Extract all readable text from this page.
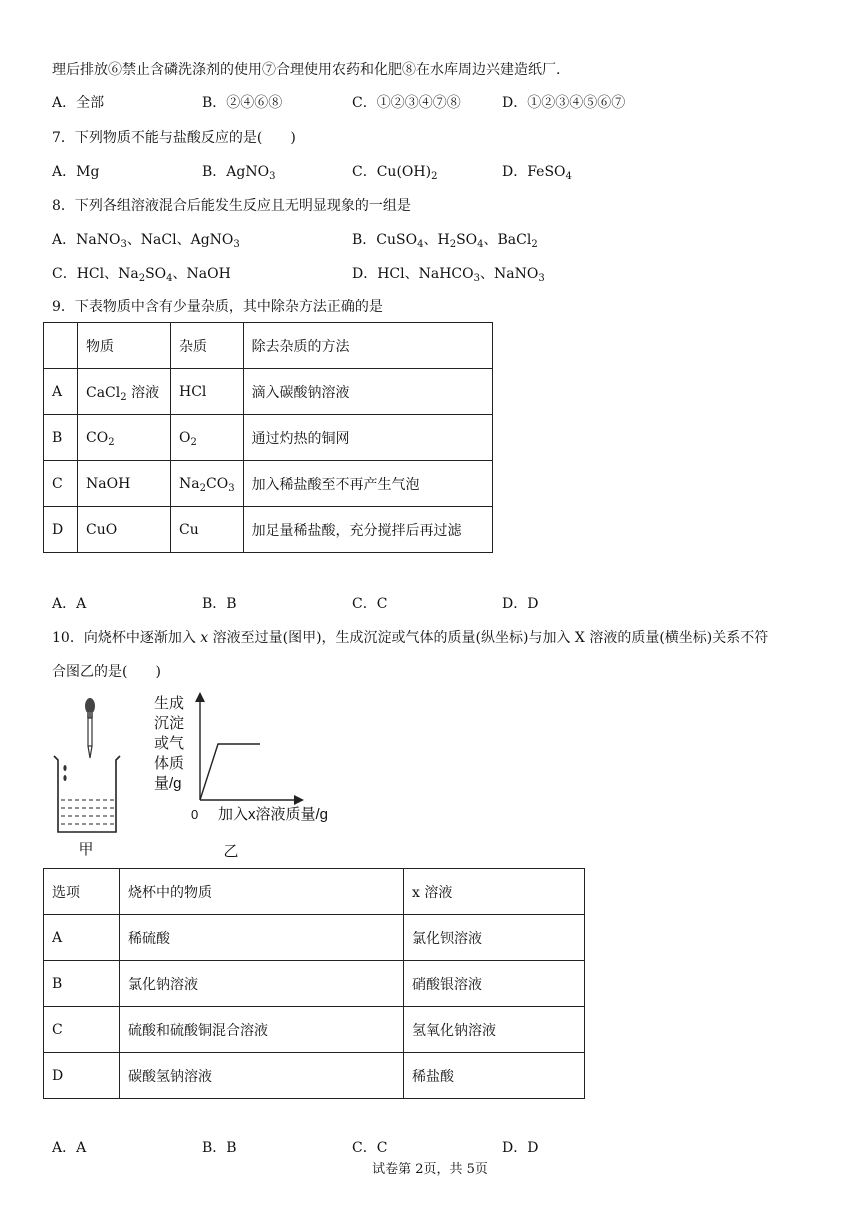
理后排放⑥禁止含磷洗涤剂的使用⑦合理使用农药和化肥⑧在水库周边兴建造纸厂.
A．全部	B．②④⑥⑧	C．①②③④⑦⑧	D．①②③④⑤⑥⑦
7．下列物质不能与盐酸反应的是(　　)
A．Mg	B．AgNO$_3$	C．$Cu(OH)_2$	D．FeSO$_4$
8．下列各组溶液混合后能发生反应且无明显现象的一组是
A．NaNO$_3$、NaCl、AgNO$_3$	B．CuSO$_4$、$H_2SO_4$、BaCl$_2$
C．HCl、$Na_2SO_4$、NaOH	D．HCl、NaHCO$_3$、NaNO$_3$
9．下表物质中含有少量杂质，其中除杂方法正确的是
	物质	杂质	除去杂质的方法
A	CaCl$_2$ 溶液	HCl	滴入碳酸钠溶液
B	$CO_2$	$O_2$	通过灼热的铜网
C	NaOH	$Na_2CO_3$	加入稀盐酸至不再产生气泡
D	CuO	Cu	加足量稀盐酸，充分搅拌后再过滤
A．A	B．B	C．C	D．D
10．向烧杯中逐渐加入 x 溶液至过量(图甲)，生成沉淀或气体的质量(纵坐标)与加入 X 溶液的质量(横坐标)关系不符
合图乙的是(　　)
甲
生成
沉淀
或气
体质
量/g
0 加入x溶液质量/g
乙
选项	烧杯中的物质	x 溶液
A	稀硫酸	氯化钡溶液
B	氯化钠溶液	硝酸银溶液
C	硫酸和硫酸铜混合溶液	氢氧化钠溶液
D	碳酸氢钠溶液	稀盐酸
A．A	B．B	C．C	D．D
试卷第 2页，共 5页
